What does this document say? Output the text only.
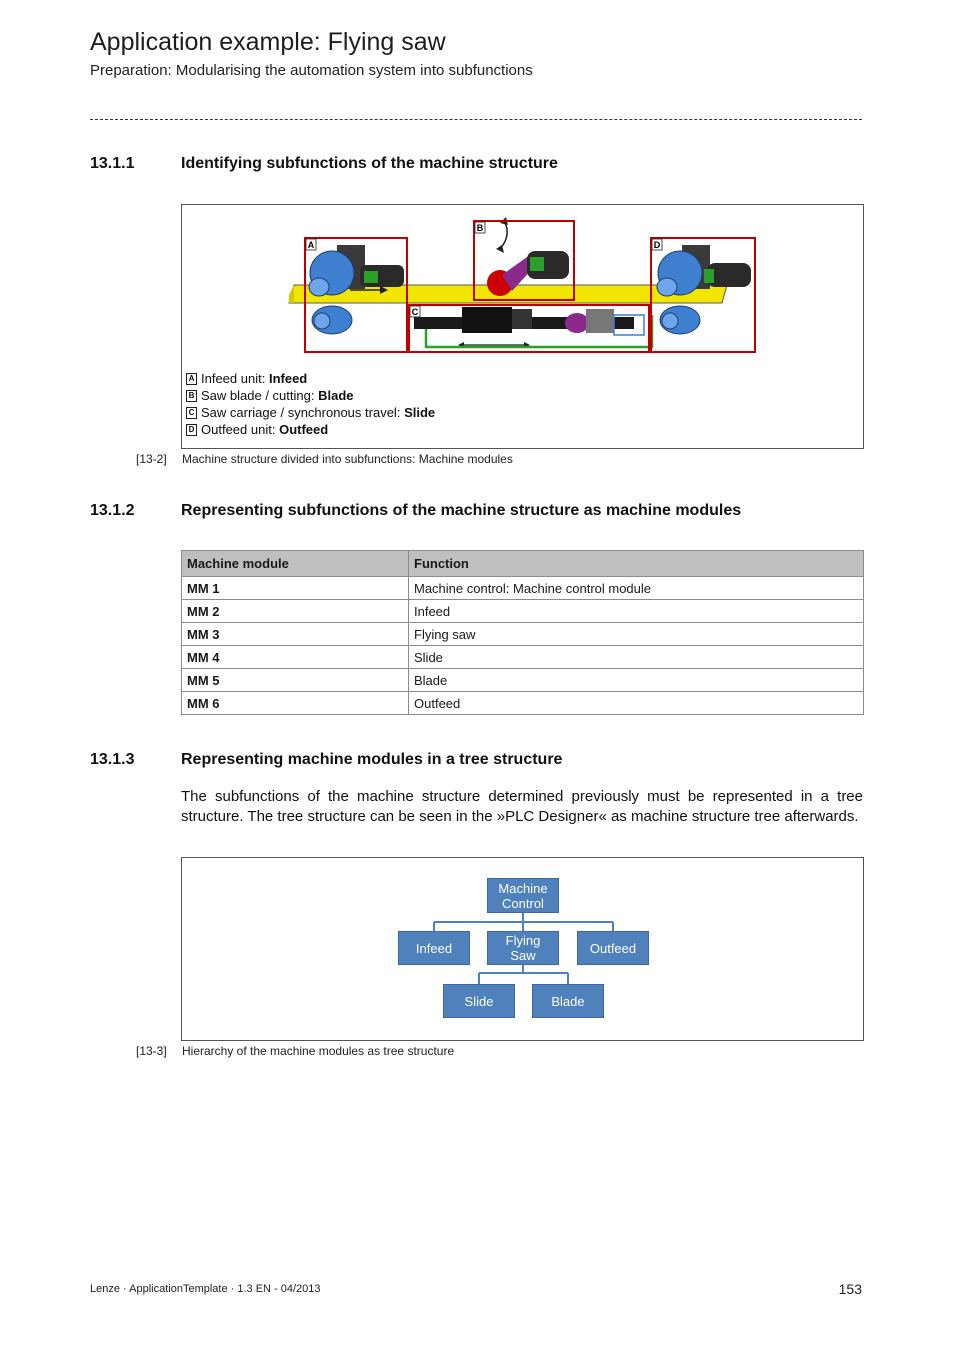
Application example: Flying saw
Preparation: Modularising the automation system into subfunctions
13.1.1	Identifying subfunctions of the machine structure
A
B
C
D
A Infeed unit:
Infeed
B Saw blade / cutting:
Blade
C Saw carriage / synchronous travel:
Slide
D Outfeed unit:
Outfeed
[13-2] Machine structure divided into subfunctions: Machine modules
13.1.2	Representing subfunctions of the machine structure as machine modules
Machine module	Function
MM 1	Machine control: Machine control module
MM 2	Infeed
MM 3	Flying saw
MM 4	Slide
MM 5	Blade
MM 6	Outfeed
13.1.3	Representing machine modules in a tree structure
The subfunctions of the machine structure determined previously must be represented in a tree structure. The tree structure can be seen in the »PLC Designer« as machine structure tree afterwards.
Machine
Control
Infeed	Flying
Saw	Outfeed
Slide	Blade
[13-3] Hierarchy of the machine modules as tree structure
Lenze · ApplicationTemplate · 1.3 EN - 04/2013	153
